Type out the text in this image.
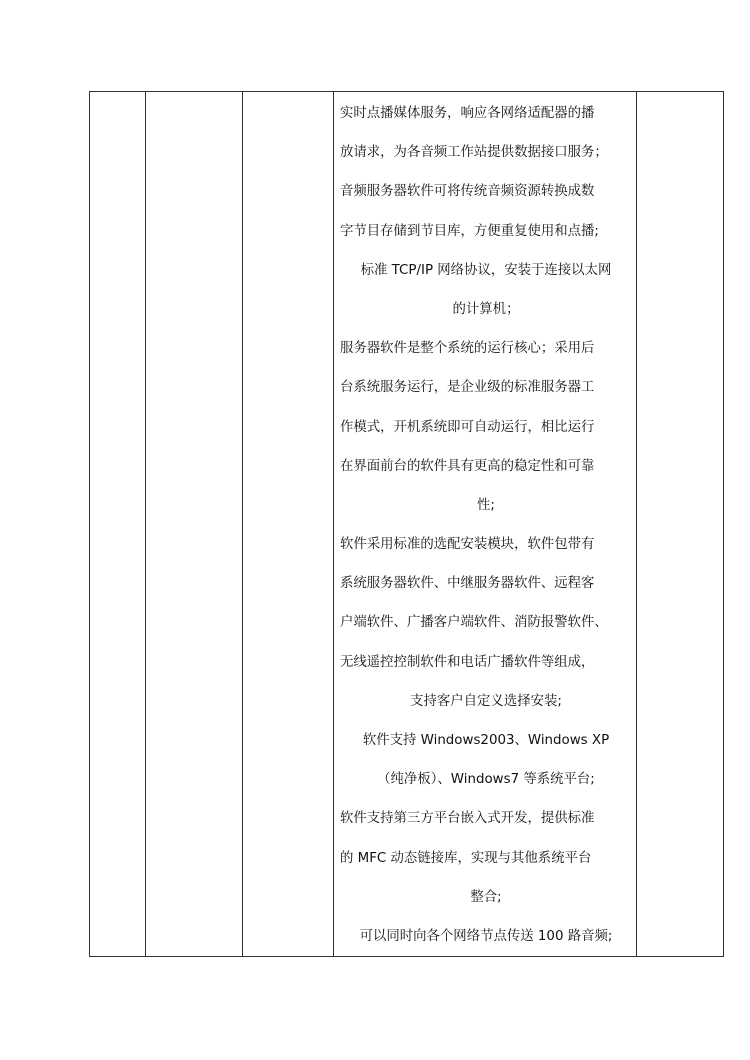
实时点播媒体服务，响应各网络适配器的播
放请求，为各音频工作站提供数据接口服务；
音频服务器软件可将传统音频资源转换成数
字节目存储到节目库，方便重复使用和点播;
标准 TCP/IP 网络协议，安装于连接以太网
的计算机；
服务器软件是整个系统的运行核心；采用后
台系统服务运行，是企业级的标准服务器工
作模式，开机系统即可自动运行，相比运行
在界面前台的软件具有更高的稳定性和可靠
性;
软件采用标准的选配安装模块，软件包带有
系统服务器软件、中继服务器软件、远程客
户端软件、广播客户端软件、消防报警软件、
无线遥控控制软件和电话广播软件等组成，
支持客户自定义选择安装;
软件支持 Windows2003、Windows XP
（纯净板）、Windows7 等系统平台;
软件支持第三方平台嵌入式开发，提供标准
的 MFC 动态链接库，实现与其他系统平台
整合;
可以同时向各个网络节点传送 100 路音频;
